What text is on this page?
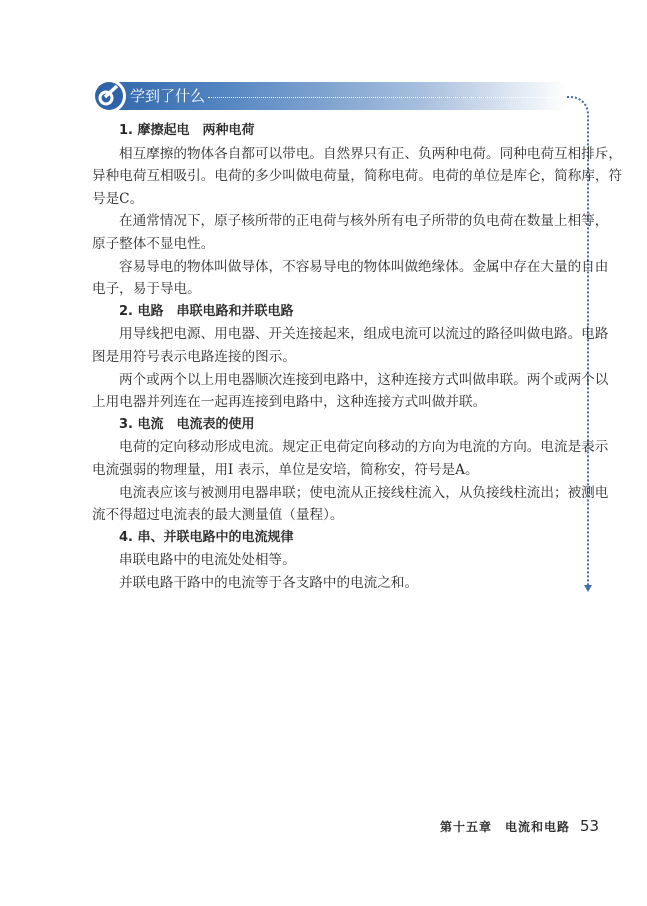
学到了什么
1. 摩擦起电　两种电荷
相互摩擦的物体各自都可以带电。自然界只有正、负两种电荷。同种电荷互相排斥，
异种电荷互相吸引。电荷的多少叫做电荷量，简称电荷。电荷的单位是库仑，简称库，符
号是C。
在通常情况下，原子核所带的正电荷与核外所有电子所带的负电荷在数量上相等，
原子整体不显电性。
容易导电的物体叫做导体，不容易导电的物体叫做绝缘体。金属中存在大量的自由
电子，易于导电。
2. 电路　串联电路和并联电路
用导线把电源、用电器、开关连接起来，组成电流可以流过的路径叫做电路。电路
图是用符号表示电路连接的图示。
两个或两个以上用电器顺次连接到电路中，这种连接方式叫做串联。两个或两个以
上用电器并列连在一起再连接到电路中，这种连接方式叫做并联。
3. 电流　电流表的使用
电荷的定向移动形成电流。规定正电荷定向移动的方向为电流的方向。电流是表示
电流强弱的物理量，用I 表示，单位是安培，简称安，符号是A。
电流表应该与被测用电器串联；使电流从正接线柱流入，从负接线柱流出；被测电
流不得超过电流表的最大测量值（量程）。
4. 串、并联电路中的电流规律
串联电路中的电流处处相等。
并联电路干路中的电流等于各支路中的电流之和。
第十五章　电流和电路 53
